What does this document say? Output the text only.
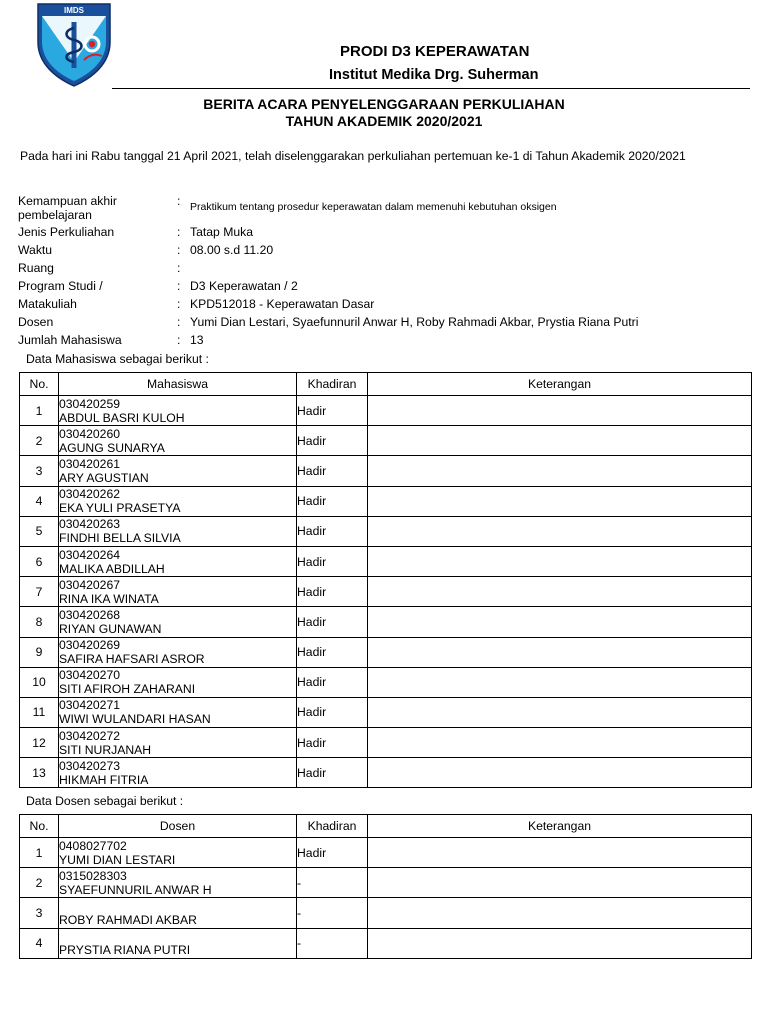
IMDS
PRODI D3 KEPERAWATAN
Institut Medika Drg. Suherman
BERITA ACARA PENYELENGGARAAN PERKULIAHAN
TAHUN AKADEMIK 2020/2021
Pada hari ini Rabu tanggal 21 April 2021, telah diselenggarakan perkuliahan pertemuan ke-1 di Tahun Akademik 2020/2021
Kemampuan akhir pembelajaran
: Praktikum tentang prosedur keperawatan dalam memenuhi kebutuhan oksigen
Jenis Perkuliahan	: Tatap Muka
Waktu	: 08.00 s.d 11.20
Ruang	:
Program Studi /	: D3 Keperawatan / 2
Matakuliah	: KPD512018 - Keperawatan Dasar
Dosen	: Yumi Dian Lestari, Syaefunnuril Anwar H, Roby Rahmadi Akbar, Prystia Riana Putri
Jumlah Mahasiswa	: 13
Data Mahasiswa sebagai berikut :
No.	Mahasiswa	Khadiran	Keterangan
1	030420259
ABDUL BASRI KULOH	Hadir	
2	030420260
AGUNG SUNARYA	Hadir	
3	030420261
ARY AGUSTIAN	Hadir	
4	030420262
EKA YULI PRASETYA	Hadir	
5	030420263
FINDHI BELLA SILVIA	Hadir	
6	030420264
MALIKA ABDILLAH	Hadir	
7	030420267
RINA IKA WINATA	Hadir	
8	030420268
RIYAN GUNAWAN	Hadir	
9	030420269
SAFIRA HAFSARI ASROR	Hadir	
10	030420270
SITI AFIROH ZAHARANI	Hadir	
11	030420271
WIWI WULANDARI HASAN	Hadir	
12	030420272
SITI NURJANAH	Hadir	
13	030420273
HIKMAH FITRIA	Hadir	
Data Dosen sebagai berikut :
No.	Dosen	Khadiran	Keterangan
1	0408027702
YUMI DIAN LESTARI	Hadir	
2	0315028303
SYAEFUNNURIL ANWAR H	-	
3	ROBY RAHMADI AKBAR	-	
4	PRYSTIA RIANA PUTRI	-	
